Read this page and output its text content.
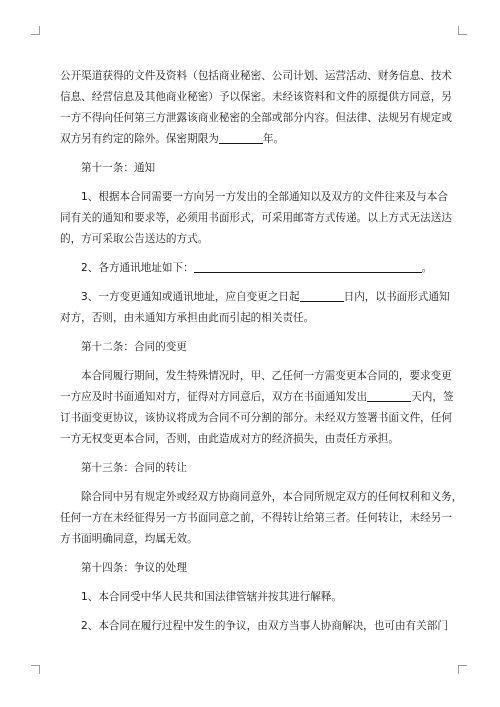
公开渠道获得的文件及资料（包括商业秘密、公司计划、运营活动、财务信息、技术
信息、经营信息及其他商业秘密）予以保密。未经该资料和文件的原提供方同意，另
一方不得向任何第三方泄露该商业秘密的全部或部分内容。但法律、法规另有规定或
双方另有约定的除外。保密期限为	年。
第十一条：通知
1、根据本合同需要一方向另一方发出的全部通知以及双方的文件往来及与本合
同有关的通知和要求等，必须用书面形式，可采用邮寄方式传递。以上方式无法送达
的，方可采取公告送达的方式。
2、各方通讯地址如下：	。
3、一方变更通知或通讯地址，应自变更之日起	日内，以书面形式通知
对方，否则，由未通知方承担由此而引起的相关责任。
第十二条：合同的变更
本合同履行期间，发生特殊情况时，甲、乙任何一方需变更本合同的，要求变更
一方应及时书面通知对方，征得对方同意后，双方在书面通知发出	天内，签
订书面变更协议，该协议将成为合同不可分割的部分。未经双方签署书面文件，任何
一方无权变更本合同，否则，由此造成对方的经济损失，由责任方承担。
第十三条：合同的转让
除合同中另有规定外或经双方协商同意外，本合同所规定双方的任何权利和义务，
任何一方在未经征得另一方书面同意之前，不得转让给第三者。任何转让，未经另一
方书面明确同意，均属无效。
第十四条：争议的处理
1、本合同受中华人民共和国法律管辖并按其进行解释。
2、本合同在履行过程中发生的争议，由双方当事人协商解决，也可由有关部门
